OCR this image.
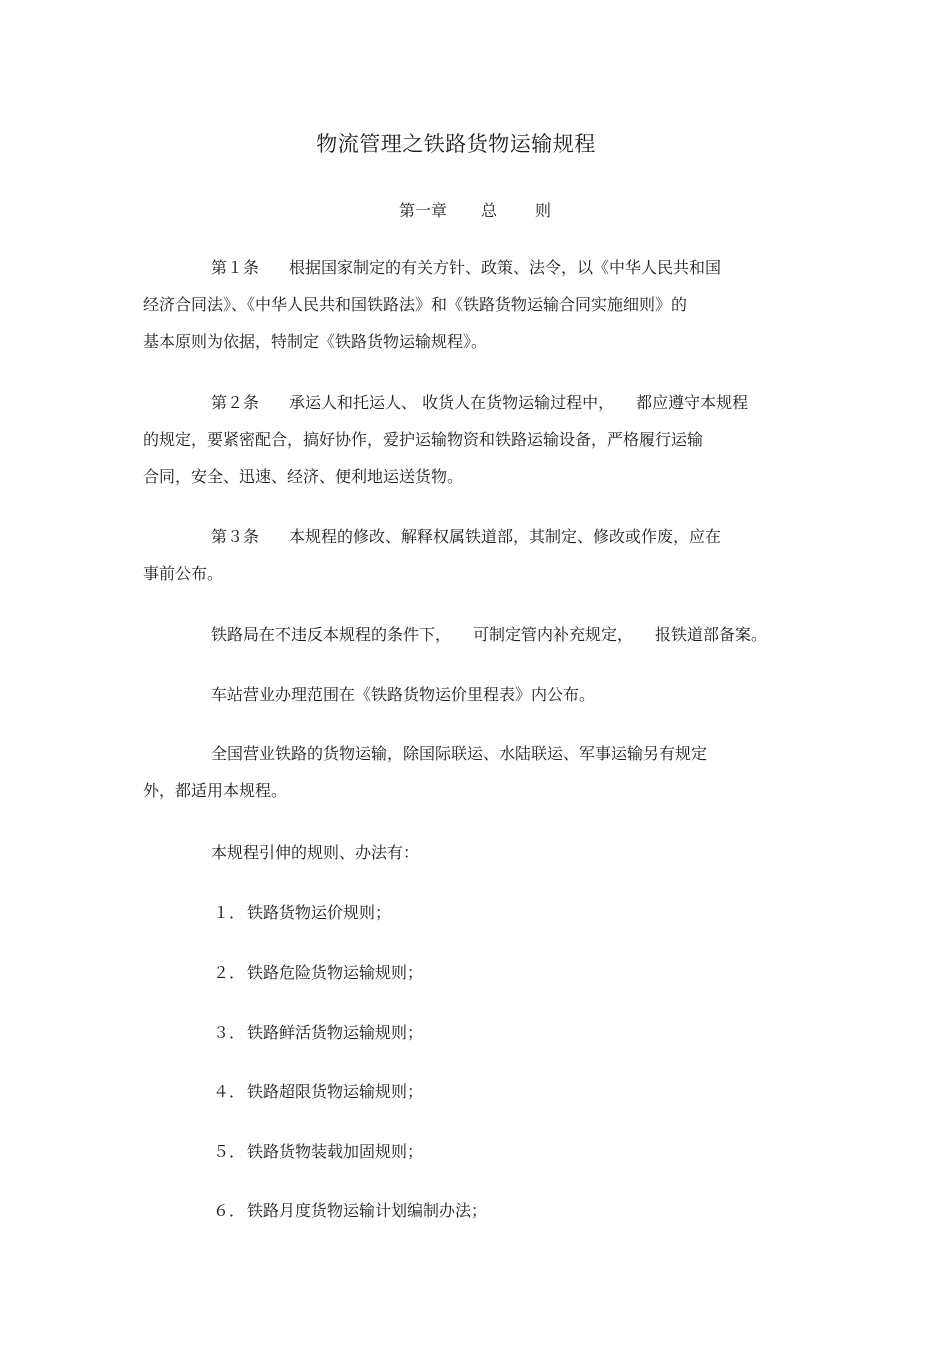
物流管理之铁路货物运输规程
第一章 总 则
第１条 根据国家制定的有关方针、政策、法令，以《中华人民共和国
经济合同法》、《中华人民共和国铁路法》和《铁路货物运输合同实施细则》的
基本原则为依据，特制定《铁路货物运输规程》。
第２条 承运人和托运人、 收货人在货物运输过程中， 都应遵守本规程
的规定，要紧密配合，搞好协作，爱护运输物资和铁路运输设备，严格履行运输
合同，安全、迅速、经济、便利地运送货物。
第３条 本规程的修改、解释权属铁道部，其制定、修改或作废，应在
事前公布。
铁路局在不违反本规程的条件下， 可制定管内补充规定， 报铁道部备案。
车站营业办理范围在《铁路货物运价里程表》内公布。
全国营业铁路的货物运输，除国际联运、水陆联运、军事运输另有规定
外，都适用本规程。
本规程引伸的规则、办法有：
１． 铁路货物运价规则；
２． 铁路危险货物运输规则；
３． 铁路鲜活货物运输规则；
４． 铁路超限货物运输规则；
５． 铁路货物装载加固规则；
６． 铁路月度货物运输计划编制办法；
